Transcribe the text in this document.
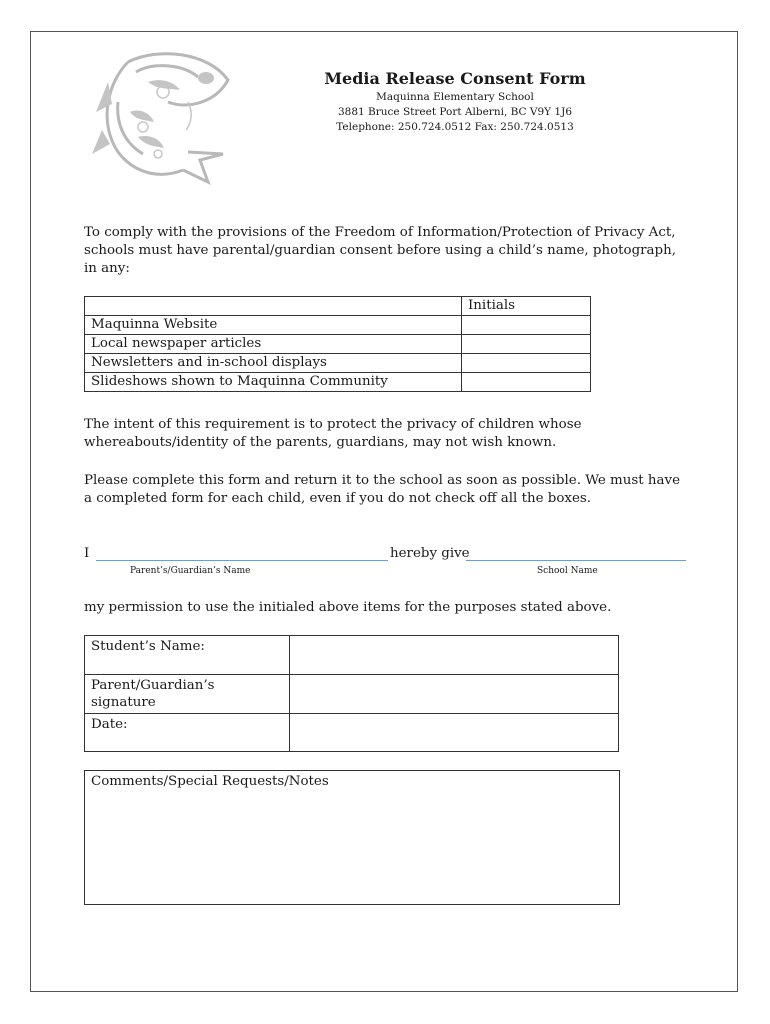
Media Release Consent Form
Maquinna Elementary School
3881 Bruce Street Port Alberni, BC V9Y 1J6
Telephone: 250.724.0512 Fax: 250.724.0513
To comply with the provisions of the Freedom of Information/Protection of Privacy Act, schools must have parental/guardian consent before using a child’s name, photograph, in any:
	Initials
Maquinna Website	
Local newspaper articles	
Newsletters and in-school displays	
Slideshows shown to Maquinna Community	
The intent of this requirement is to protect the privacy of children whose whereabouts/identity of the parents, guardians, may not wish known.
Please complete this form and return it to the school as soon as possible. We must have a completed form for each child, even if you do not check off all the boxes.
I	hereby give
Parent’s/Guardian’s Name	School Name
my permission to use the initialed above items for the purposes stated above.
Student’s Name:	
Parent/Guardian’s signature	
Date:	
Comments/Special Requests/Notes
